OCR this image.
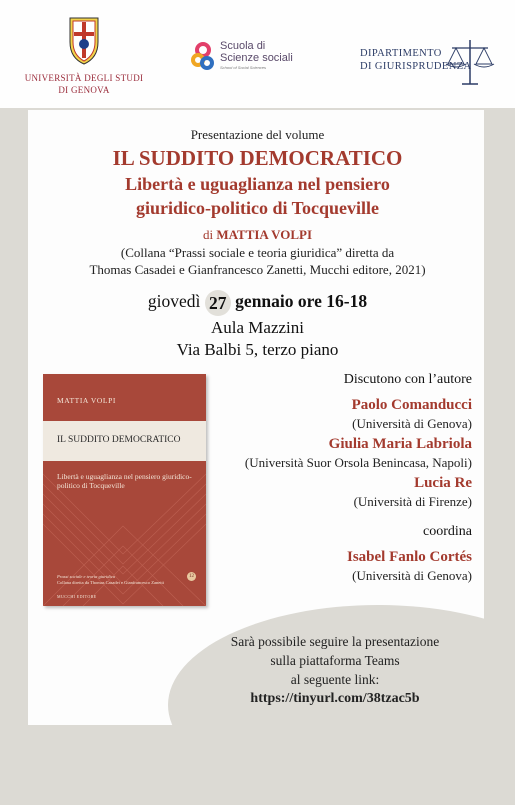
UNIVERSITÀ DEGLI STUDI
DI GENOVA
Scuola di
Scienze sociali
School of Social Sciences
DIPARTIMENTO
DI GIURISPRUDENZA
Presentazione del volume
IL SUDDITO DEMOCRATICO
Libertà e uguaglianza nel pensiero
giuridico-politico di Tocqueville
di MATTIA VOLPI
(Collana “Prassi sociale e teoria giuridica” diretta da
Thomas Casadei e Gianfrancesco Zanetti, Mucchi editore, 2021)
giovedì 27 gennaio ore 16-18
Aula Mazzini
Via Balbi 5, terzo piano
MATTIA VOLPI
IL SUDDITO DEMOCRATICO
Libertà e uguaglianza nel pensiero giuridico-politico di Tocqueville
Prassi sociale e teoria giuridica
Collana diretta da Thomas Casadei e Gianfrancesco Zanetti
12
MUCCHI EDITORE
Discutono con l’autore
Paolo Comanducci
(Università di Genova)
Giulia Maria Labriola
(Università Suor Orsola Benincasa, Napoli)
Lucia Re
(Università di Firenze)
coordina
Isabel Fanlo Cortés
(Università di Genova)
Sarà possibile seguire la presentazione
sulla piattaforma Teams
al seguente link:
https://tinyurl.com/38tzac5b
